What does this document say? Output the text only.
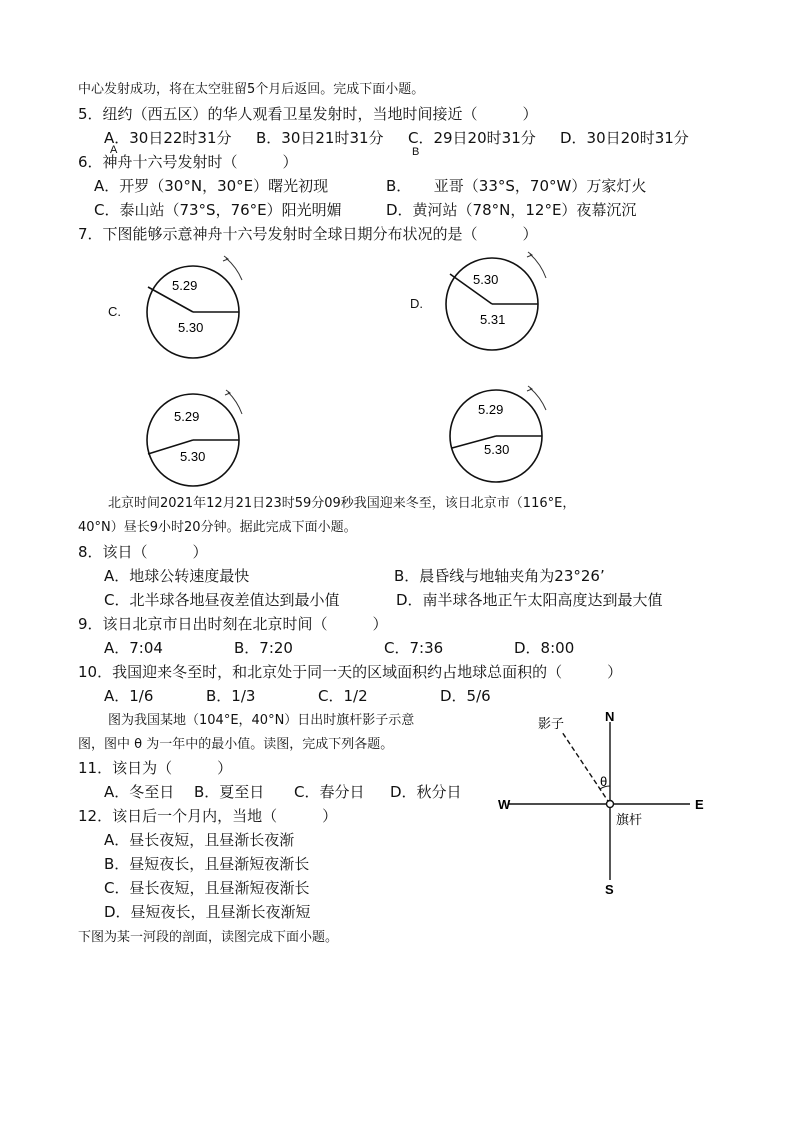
中心发射成功，将在太空驻留5个月后返回。完成下面小题。
5．纽约（西五区）的华人观看卫星发射时，当地时间接近（　　　）
A．30日22时31分 B．30日21时31分 C．29日20时31分 D．30日20时31分
A	B
6．神舟十六号发射时（　　　）
A．开罗（30°N，30°E）曙光初现	B．　　亚哥（33°S，70°W）万家灯火
C．泰山站（73°S，76°E）阳光明媚	D．黄河站（78°N，12°E）夜幕沉沉
7．下图能够示意神舟十六号发射时全球日期分布状况的是（　　　）
C.
D.
5.29
5.30
5.30
5.31
5.29
5.30
5.29
5.30
北京时间2021年12月21日23时59分09秒我国迎来冬至，该日北京市（116°E，
40°N）昼长9小时20分钟。据此完成下面小题。
8．该日（　　　）
A．地球公转速度最快	B．晨昏线与地轴夹角为23°26’
C．北半球各地昼夜差值达到最小值	D．南半球各地正午太阳高度达到最大值
9．该日北京市日出时刻在北京时间（　　　）
A．7:04	B．7:20	C．7:36	D．8:00
10．我国迎来冬至时，和北京处于同一天的区域面积约占地球总面积的（　　　）
A．1/6	B．1/3	C．1/2	D．5/6
图为我国某地（104°E，40°N）日出时旗杆影子示意
图，图中 θ 为一年中的最小值。读图，完成下列各题。
11．该日为（　　　）
A．冬至日 B．夏至日 C．春分日 D．秋分日
12．该日后一个月内，当地（　　　）
A．昼长夜短，且昼渐长夜渐
B．昼短夜长，且昼渐短夜渐长
C．昼长夜短，且昼渐短夜渐长
D．昼短夜长，且昼渐长夜渐短
N
S
W	E
影子
θ
旗杆
下图为某一河段的剖面，读图完成下面小题。
